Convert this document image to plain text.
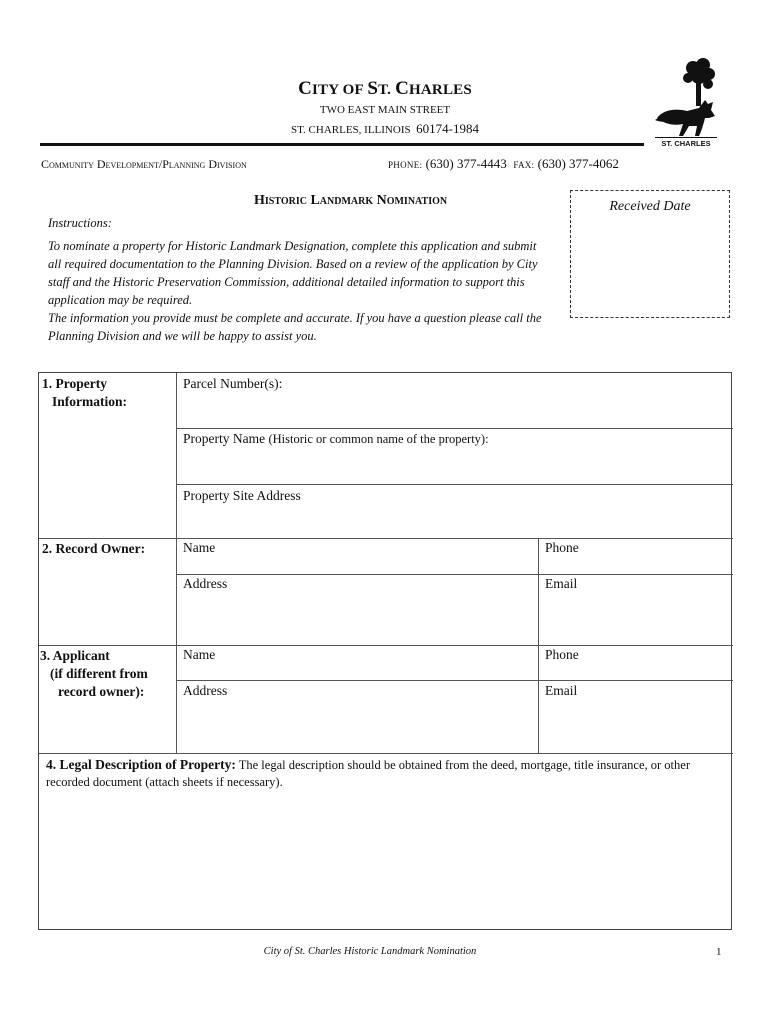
CITY OF ST. CHARLES
TWO EAST MAIN STREET
ST. CHARLES, ILLINOIS 60174-1984
Community Development/Planning Division	PHONE: (630) 377-4443 FAX: (630) 377-4062
ST. CHARLES
Received Date
Historic Landmark Nomination
Instructions:
To nominate a property for Historic Landmark Designation, complete this application and submit all required documentation to the Planning Division. Based on a review of the application by City staff and the Historic Preservation Commission, additional detailed information to support this application may be required.
The information you provide must be complete and accurate. If you have a question please call the Planning Division and we will be happy to assist you.
1. Property
Information:
Parcel Number(s):
Property Name (Historic or common name of the property):
Property Site Address
2. Record Owner:	Name	Phone
Address	Email
3. Applicant
(if different from
record owner):
Name	Phone
Address	Email
4. Legal Description of Property: The legal description should be obtained from the deed, mortgage, title insurance, or other recorded document (attach sheets if necessary).
City of St. Charles Historic Landmark Nomination	1
